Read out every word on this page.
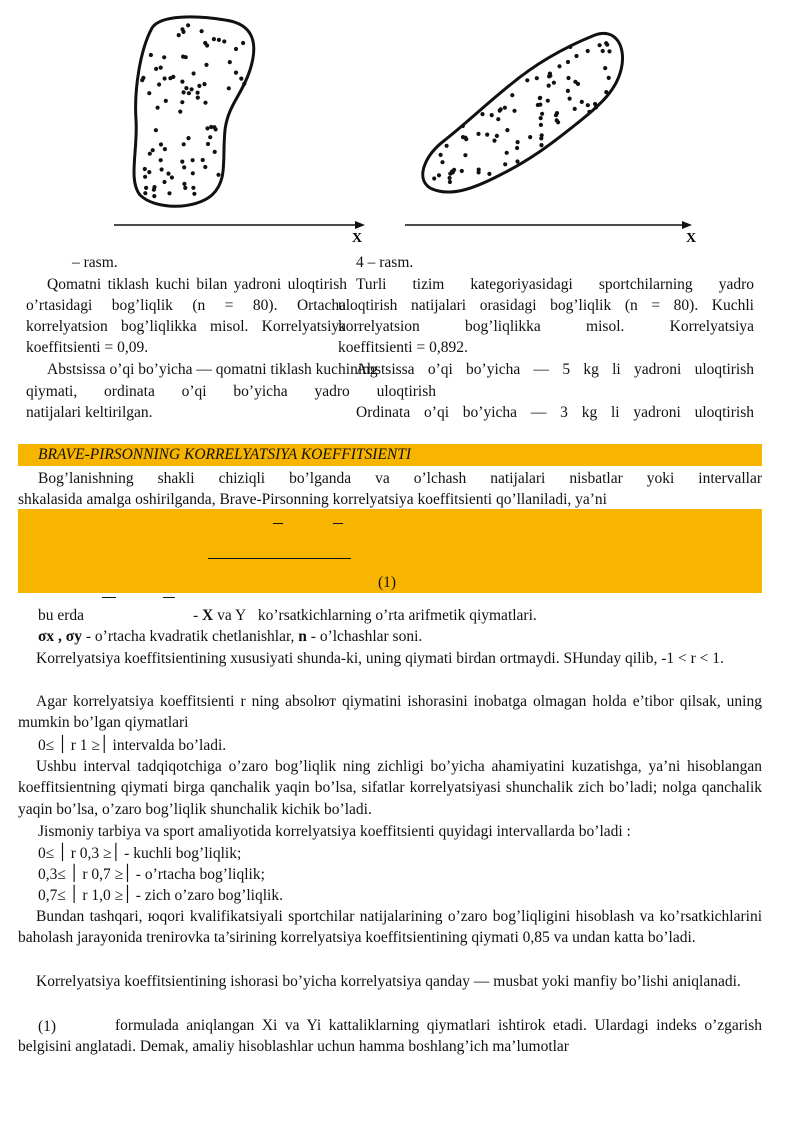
X	X
– rasm.	4 – rasm.
Qomatni tiklash kuchi bilan yadroni uloqtirish
o’rtasidagi bog’liqlik (n = 80). Ortacha
korrelyatsion bog’liqlikka misol. Korrelyatsiya
koeffitsienti = 0,09.
Abstsissa o’qi bo’yicha — qomatni tiklash kuchining
qiymati, ordinata o’qi bo’yicha yadro uloqtirish
natijalari keltirilgan.
Turli tizim kategoriyasidagi sportchilarning yadro
uloqtirish natijalari orasidagi bog’liqlik (n = 80). Kuchli
korrelyatsion bog’liqlikka misol. Korrelyatsiya
koeffitsienti = 0,892.
Abstsissa o’qi bo’yicha — 5 kg li yadroni uloqtirish
Ordinata o’qi bo’yicha — 3 kg li yadroni uloqtirish
BRAVE-PIRSONNING KORRELYATSIYA KOEFFITSIENTI
Bog’lanishning shakli chiziqli bo’lganda va o’lchash natijalari nisbatlar yoki intervallar
shkalasida amalga oshirilganda, Brave-Pirsonning korrelyatsiya koeffitsienti qo’llaniladi, ya’ni
(1)
bu erda	- X va Y ko’rsatkichlarning o’rta arifmetik qiymatlari.
σx , σy - o’rtacha kvadratik chetlanishlar, n - o’lchashlar soni.
Korrelyatsiya koeffitsientining xususiyati shunda-ki, uning qiymati birdan ortmaydi. SHunday qilib, -1 < r < 1.
Agar korrelyatsiya koeffitsienti r ning absolют qiymatini ishorasini inobatga olmagan holda e’tibor qilsak, uning mumkin bo’lgan qiymatlari
0≤ ׀ r ׀≤ 1 intervalda bo’ladi.
Ushbu interval tadqiqotchiga o’zaro bog’liqlik ning zichligi bo’yicha ahamiyatini kuzatishga, ya’ni hisoblangan koeffitsientning qiymati birga qanchalik yaqin bo’lsa, sifatlar korrelyatsiyasi shunchalik zich bo’ladi; nolga qanchalik yaqin bo’lsa, o’zaro bog’liqlik shunchalik kichik bo’ladi.
Jismoniy tarbiya va sport amaliyotida korrelyatsiya koeffitsienti quyidagi intervallarda bo’ladi :
0≤ ׀ r ׀≤ 0,3 - kuchli bog’liqlik;
0,3≤ ׀ r ׀≤ 0,7 - o’rtacha bog’liqlik;
0,7≤ ׀ r ׀≤ 1,0 - zich o’zaro bog’liqlik.
Bundan tashqari, юqori kvalifikatsiyali sportchilar natijalarining o’zaro bog’liqligini hisoblash va ko’rsatkichlarini baholash jarayonida trenirovka ta’sirining korrelyatsiya koeffitsientining qiymati 0,85 va undan katta bo’ladi.
Korrelyatsiya koeffitsientining ishorasi bo’yicha korrelyatsiya qanday — musbat yoki manfiy bo’lishi aniqlanadi.
(1)	formulada aniqlangan Xi va Yi kattaliklarning qiymatlari ishtirok etadi. Ulardagi indeks o’zgarish belgisini anglatadi. Demak, amaliy hisoblashlar uchun hamma boshlang’ich ma’lumotlar
